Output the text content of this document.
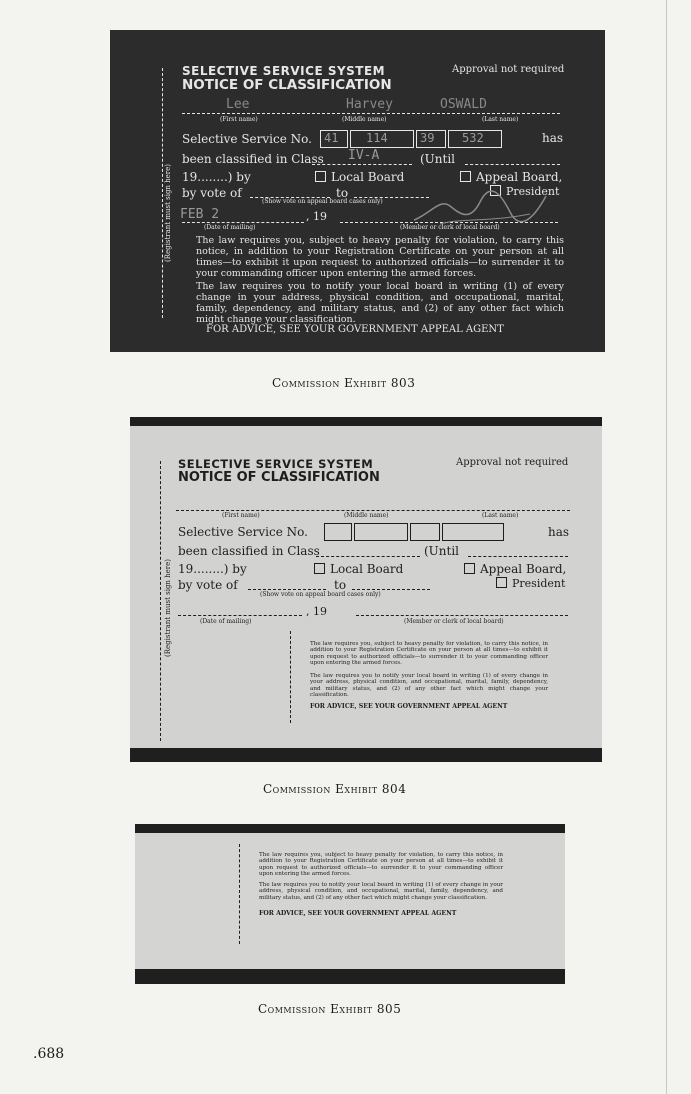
(Registrant must sign here)
SELECTIVE SERVICE SYSTEM
NOTICE OF CLASSIFICATION
Approval not required
Lee	Harvey	OSWALD
(First name)	(Middle name)	(Last name)
Selective Service No. 41 114	39 532	has
been classified in Class IV-A	(Until
19........) by	Local Board	Appeal Board,
by vote of	to	President
(Show vote on appeal board cases only)
FEB 2	, 19
(Date of mailing)	(Member or clerk of local board)
The law requires you, subject to heavy penalty for violation, to carry this notice, in addition to your Registration Certificate on your person at all times—to exhibit it upon request to authorized officials—to surrender it to your commanding officer upon entering the armed forces.
The law requires you to notify your local board in writing (1) of every change in your address, physical condition, and occupational, marital, family, dependency, and military status, and (2) of any other fact which might change your classification.
FOR ADVICE, SEE YOUR GOVERNMENT APPEAL AGENT
Commission Exhibit 803
(Registrant must sign here)
SELECTIVE SERVICE SYSTEM
NOTICE OF CLASSIFICATION
Approval not required
(First name)	(Middle name)	(Last name)
Selective Service No.	has
been classified in Class	(Until
19........) by	Local Board	Appeal Board,
by vote of	to	President
(Show vote on appeal board cases only)
, 19
(Date of mailing)	(Member or clerk of local board)
The law requires you, subject to heavy penalty for violation, to carry this notice, in addition to your Registration Certificate on your person at all times—to exhibit it upon request to authorized officials—to surrender it to your commanding officer upon entering the armed forces.
The law requires you to notify your local board in writing (1) of every change in your address, physical condition, and occupational, marital, family, dependency, and military status, and (2) of any other fact which might change your classification.
FOR ADVICE, SEE YOUR GOVERNMENT APPEAL AGENT
Commission Exhibit 804
The law requires you, subject to heavy penalty for violation, to carry this notice, in addition to your Registration Certificate on your person at all times—to exhibit it upon request to authorized officials—to surrender it to your commanding officer upon entering the armed forces.
The law requires you to notify your local board in writing (1) of every change in your address, physical condition, and occupational, marital, family, dependency, and military status, and (2) of any other fact which might change your classification.
FOR ADVICE, SEE YOUR GOVERNMENT APPEAL AGENT
Commission Exhibit 805
.688
